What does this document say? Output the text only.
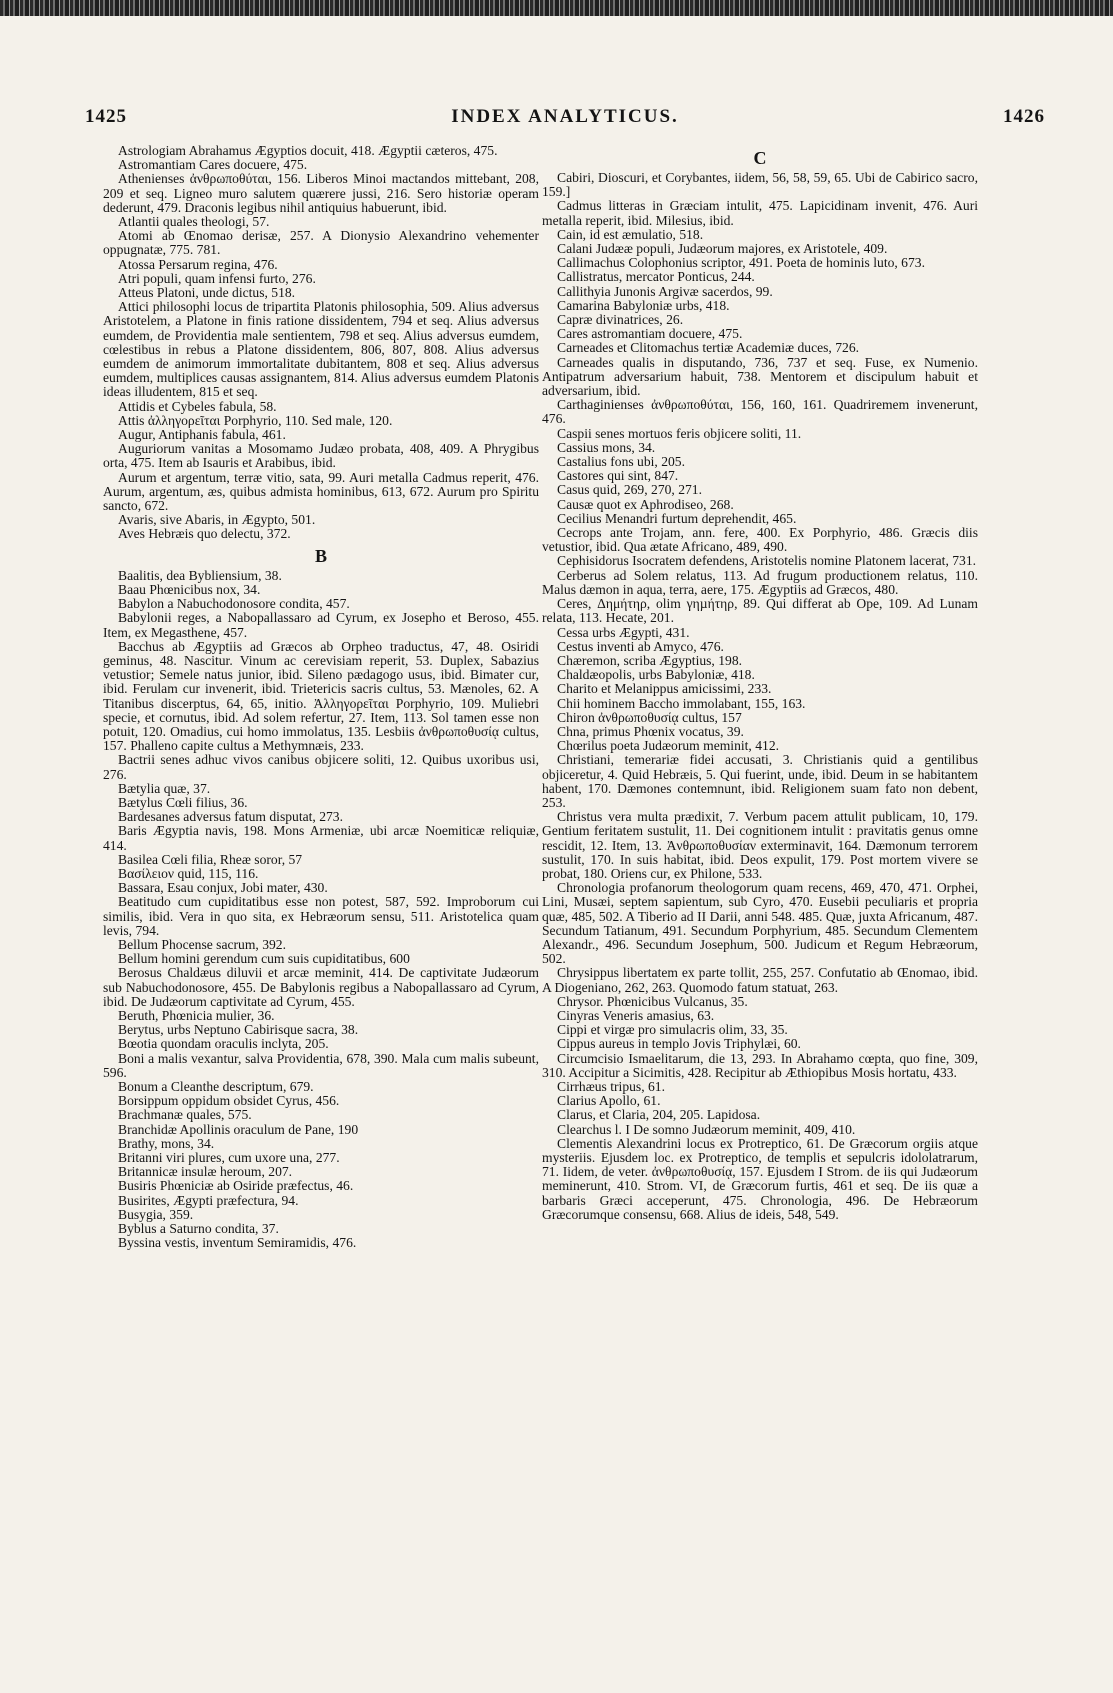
INDEX ANALYTICUS.
1425	1426

Astrologiam Abrahamus Ægyptios docuit, 418. Ægyptii cæteros, 475.

Astromantiam Cares docuere, 475.

Athenienses ἀνθρωποθύται, 156. Liberos Minoi mactandos mittebant, 208, 209 et seq. Ligneo muro salutem quærere jussi, 216. Sero historiæ operam dederunt, 479. Draconis legibus nihil antiquius habuerunt, ibid.

Atlantii quales theologi, 57.

Atomi ab Œnomao derisæ, 257. A Dionysio Alexandrino vehementer oppugnatæ, 775. 781.

Atossa Persarum regina, 476.

Atri populi, quam infensi furto, 276.

Atteus Platoni, unde dictus, 518.

Attici philosophi locus de tripartita Platonis philosophia, 509. Alius adversus Aristotelem, a Platone in finis ratione dissidentem, 794 et seq. Alius adversus eumdem, de Providentia male sentientem, 798 et seq. Alius adversus eumdem, cœlestibus in rebus a Platone dissidentem, 806, 807, 808. Alius adversus eumdem de animorum immortalitate dubitantem, 808 et seq. Alius adversus eumdem, multiplices causas assignantem, 814. Alius adversus eumdem Platonis ideas illudentem, 815 et seq.

Attidis et Cybeles fabula, 58.

Attis ἀλληγορεῖται Porphyrio, 110. Sed male, 120.

Augur, Antiphanis fabula, 461.

Auguriorum vanitas a Mosomamo Judæo probata, 408, 409. A Phrygibus orta, 475. Item ab Isauris et Arabibus, ibid.

Aurum et argentum, terræ vitio, sata, 99. Auri metalla Cadmus reperit, 476. Aurum, argentum, æs, quibus admista hominibus, 613, 672. Aurum pro Spiritu sancto, 672.

Avaris, sive Abaris, in Ægypto, 501.

Aves Hebræis quo delectu, 372.

B

Baalitis, dea Bybliensium, 38.

Baau Phœnicibus nox, 34.

Babylon a Nabuchodonosore condita, 457.

Babylonii reges, a Nabopallassaro ad Cyrum, ex Josepho et Beroso, 455. Item, ex Megasthene, 457.

Bacchus ab Ægyptiis ad Græcos ab Orpheo traductus, 47, 48. Osiridi geminus, 48. Nascitur. Vinum ac cerevisiam reperit, 53. Duplex, Sabazius vetustior; Semele natus junior, ibid. Sileno pædagogo usus, ibid. Bimater cur, ibid. Ferulam cur invenerit, ibid. Trietericis sacris cultus, 53. Mænoles, 62. A Titanibus discerptus, 64, 65, initio. Ἀλληγορεῖται Porphyrio, 109. Muliebri specie, et cornutus, ibid. Ad solem refertur, 27. Item, 113. Sol tamen esse non potuit, 120. Omadius, cui homo immolatus, 135. Lesbiis ἀνθρωποθυσίᾳ cultus, 157. Phalleno capite cultus a Methymnæis, 233.

Bactrii senes adhuc vivos canibus objicere soliti, 12. Quibus uxoribus usi, 276.

Bætylia quæ, 37.

Bætylus Cœli filius, 36.

Bardesanes adversus fatum disputat, 273.

Baris Ægyptia navis, 198. Mons Armeniæ, ubi arcæ Noemiticæ reliquiæ, 414.

Basilea Cœli filia, Rheæ soror, 57

Βασίλειον quid, 115, 116.

Bassara, Esau conjux, Jobi mater, 430.

Beatitudo cum cupiditatibus esse non potest, 587, 592. Improborum cui similis, ibid. Vera in quo sita, ex Hebræorum sensu, 511. Aristotelica quam levis, 794.

Bellum Phocense sacrum, 392.

Bellum homini gerendum cum suis cupiditatibus, 600

Berosus Chaldæus diluvii et arcæ meminit, 414. De captivitate Judæorum sub Nabuchodonosore, 455. De Babylonis regibus a Nabopallassaro ad Cyrum, ibid. De Judæorum captivitate ad Cyrum, 455.

Beruth, Phœnicia mulier, 36.

Berytus, urbs Neptuno Cabirisque sacra, 38.

Bœotia quondam oraculis inclyta, 205.

Boni a malis vexantur, salva Providentia, 678, 390. Mala cum malis subeunt, 596.

Bonum a Cleanthe descriptum, 679.

Borsippum oppidum obsidet Cyrus, 456.

Brachmanæ quales, 575.

Branchidæ Apollinis oraculum de Pane, 190

Brathy, mons, 34.

Britanni viri plures, cum uxore una, 277.

Britannicæ insulæ heroum, 207.

Busiris Phœniciæ ab Osiride præfectus, 46.

Busirites, Ægypti præfectura, 94.

Busygia, 359.

Byblus a Saturno condita, 37.

Byssina vestis, inventum Semiramidis, 476.

C

Cabiri, Dioscuri, et Corybantes, iidem, 56, 58, 59, 65. Ubi de Cabirico sacro, 159.]

Cadmus litteras in Græciam intulit, 475. Lapicidinam invenit, 476. Auri metalla reperit, ibid. Milesius, ibid.

Cain, id est æmulatio, 518.

Calani Judææ populi, Judæorum majores, ex Aristotele, 409.

Callimachus Colophonius scriptor, 491. Poeta de hominis luto, 673.

Callistratus, mercator Ponticus, 244.

Callithyia Junonis Argivæ sacerdos, 99.

Camarina Babyloniæ urbs, 418.

Capræ divinatrices, 26.

Cares astromantiam docuere, 475.

Carneades et Clitomachus tertiæ Academiæ duces, 726.

Carneades qualis in disputando, 736, 737 et seq. Fuse, ex Numenio. Antipatrum adversarium habuit, 738. Mentorem et discipulum habuit et adversarium, ibid.

Carthaginienses ἀνθρωποθύται, 156, 160, 161. Quadriremem invenerunt, 476.

Caspii senes mortuos feris objicere soliti, 11.

Cassius mons, 34.

Castalius fons ubi, 205.

Castores qui sint, 847.

Casus quid, 269, 270, 271.

Causæ quot ex Aphrodiseo, 268.

Cecilius Menandri furtum deprehendit, 465.

Cecrops ante Trojam, ann. fere, 400. Ex Porphyrio, 486. Græcis diis vetustior, ibid. Qua ætate Africano, 489, 490.

Cephisidorus Isocratem defendens, Aristotelis nomine Platonem lacerat, 731.

Cerberus ad Solem relatus, 113. Ad frugum productionem relatus, 110. Malus dæmon in aqua, terra, aere, 175. Ægyptiis ad Græcos, 480.

Ceres, Δημήτηρ, olim γηµήτηρ, 89. Qui differat ab Ope, 109. Ad Lunam relata, 113. Hecate, 201.

Cessa urbs Ægypti, 431.

Cestus inventi ab Amyco, 476.

Chæremon, scriba Ægyptius, 198.

Chaldæopolis, urbs Babyloniæ, 418.

Charito et Melanippus amicissimi, 233.

Chii hominem Baccho immolabant, 155, 163.

Chiron ἀνθρωποθυσίᾳ cultus, 157

Chna, primus Phœnix vocatus, 39.

Chœrilus poeta Judæorum meminit, 412.

Christiani, temerariæ fidei accusati, 3. Christianis quid a gentilibus objiceretur, 4. Quid Hebræis, 5. Qui fuerint, unde, ibid. Deum in se habitantem habent, 170. Dæmones contemnunt, ibid. Religionem suam fato non debent, 253.

Christus vera multa prædixit, 7. Verbum pacem attulit publicam, 10, 179. Gentium feritatem sustulit, 11. Dei cognitionem intulit : pravitatis genus omne rescidit, 12. Item, 13. Ἀνθρωποθυσίαν exterminavit, 164. Dæmonum terrorem sustulit, 170. In suis habitat, ibid. Deos expulit, 179. Post mortem vivere se probat, 180. Oriens cur, ex Philone, 533.

Chronologia profanorum theologorum quam recens, 469, 470, 471. Orphei, Lini, Musæi, septem sapientum, sub Cyro, 470. Eusebii peculiaris et propria quæ, 485, 502. A Tiberio ad II Darii, anni 548. 485. Quæ, juxta Africanum, 487. Secundum Tatianum, 491. Secundum Porphyrium, 485. Secundum Clementem Alexandr., 496. Secundum Josephum, 500. Judicum et Regum Hebræorum, 502.

Chrysippus libertatem ex parte tollit, 255, 257. Confutatio ab Œnomao, ibid. A Diogeniano, 262, 263. Quomodo fatum statuat, 263.

Chrysor. Phœnicibus Vulcanus, 35.

Cinyras Veneris amasius, 63.

Cippi et virgæ pro simulacris olim, 33, 35.

Cippus aureus in templo Jovis Triphylæi, 60.

Circumcisio Ismaelitarum, die 13, 293. In Abrahamo cœpta, quo fine, 309, 310. Accipitur a Sicimitis, 428. Recipitur ab Æthiopibus Mosis hortatu, 433.

Cirrhæus tripus, 61.

Clarius Apollo, 61.

Clarus, et Claria, 204, 205. Lapidosa.

Clearchus l. I De somno Judæorum meminit, 409, 410.

Clementis Alexandrini locus ex Protreptico, 61. De Græcorum orgiis atque mysteriis. Ejusdem loc. ex Protreptico, de templis et sepulcris idololatrarum, 71. Iidem, de veter. ἀνθρωποθυσίᾳ, 157. Ejusdem I Strom. de iis qui Judæorum meminerunt, 410. Strom. VI, de Græcorum furtis, 461 et seq. De iis quæ a barbaris Græci acceperunt, 475. Chronologia, 496. De Hebræorum Græcorumque consensu, 668. Alius de ideis, 548, 549.
